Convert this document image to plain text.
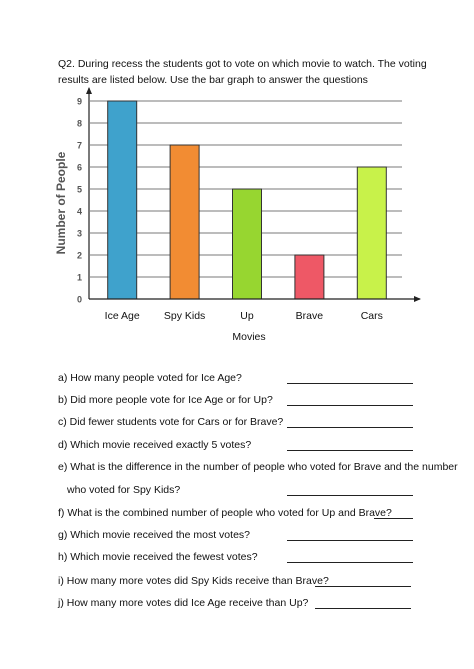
Q2. During recess the students got to vote on which movie to watch. The voting results are listed below. Use the bar graph to answer the questions

0
1
2
3
4
5
6
7
8
9
Ice Age Spy Kids	Up	Brave	Cars
Movies
Number of People

a) How many people voted for Ice Age?

b) Did more people vote for Ice Age or for Up?

c) Did fewer students vote for Cars or for Brave?

d) Which movie received exactly 5 votes?

e) What is the difference in the number of people who voted for Brave and the number

who voted for Spy Kids?

f) What is the combined number of people who voted for Up and Brave?

g) Which movie received the most votes?

h) Which movie received the fewest votes?

i) How many more votes did Spy Kids receive than Brave?

j) How many more votes did Ice Age receive than Up?
